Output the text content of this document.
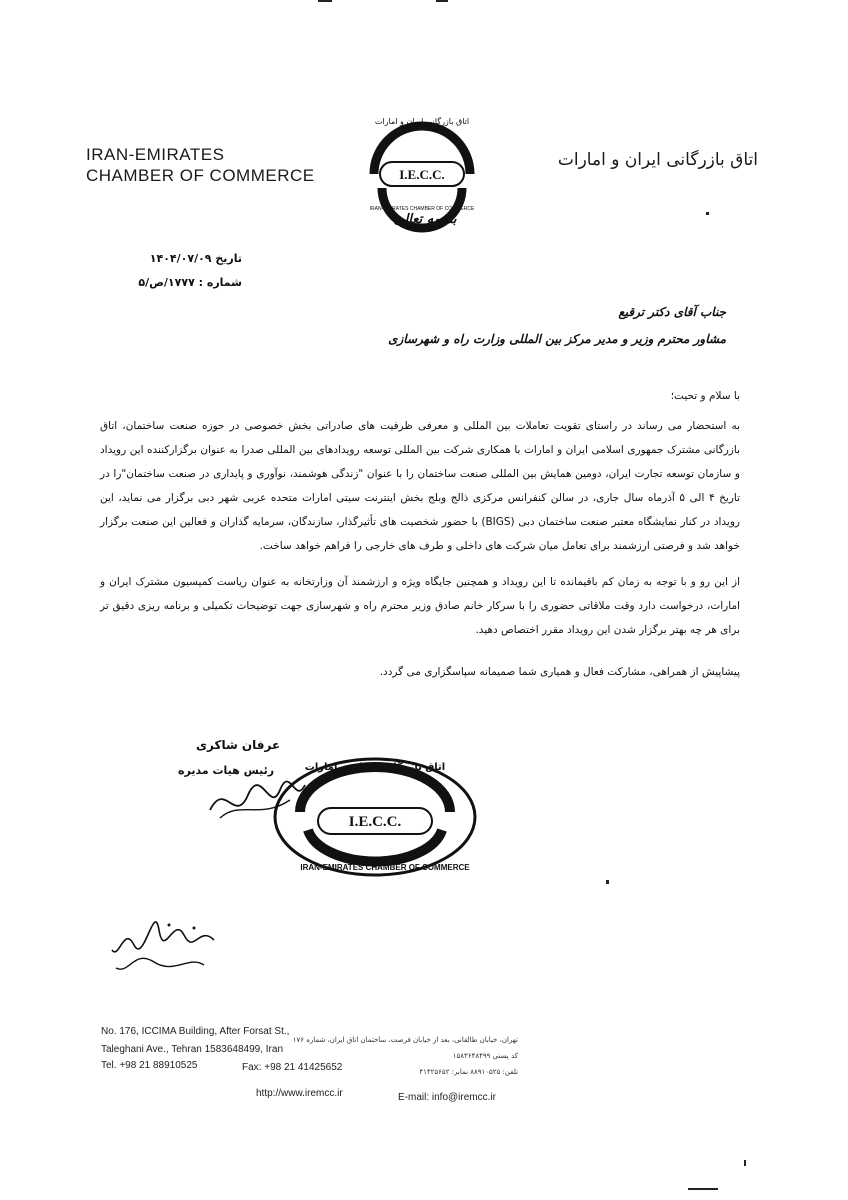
IRAN-EMIRATES
CHAMBER OF COMMERCE
اتاق بازرگانی ایران و امارات
I.E.C.C.
اتاق بازرگانی ایران و امارات
IRAN-EMIRATES CHAMBER OF COMMERCE
بسمه تعالی
تاریخ ۱۴۰۴/۰۷/۰۹
شماره : ۱۷۷۷/ص/۵
جناب آقای دکتر ترقیع
مشاور محترم وزیر و مدیر مرکز بین المللی وزارت راه و شهرسازی

با سلام و تحیت؛

به استحضار می رساند در راستای تقویت تعاملات بین المللی و معرفی ظرفیت های صادراتی بخش خصوصی در حوزه صنعت ساختمان، اتاق بازرگانی مشترک جمهوری اسلامی ایران و امارات با همکاری شرکت بین المللی توسعه رویدادهای بین المللی صدرا به عنوان برگزارکننده این رویداد و سازمان توسعه تجارت ایران، دومین همایش بین المللی صنعت ساختمان را با عنوان "زندگی هوشمند، نوآوری و پایداری در صنعت ساختمان"را در تاریخ ۴ الی ۵ آذرماه سال جاری، در سالن کنفرانس مرکزی ذالج وبلج بخش اینترنت سیتی امارات متحده عربی شهر دبی برگزار می نماید، این رویداد در کنار نمایشگاه معتبر صنعت ساختمان دبی (BIGS) با حضور شخصیت های تأثیرگذار، سازندگان، سرمایه گذاران و فعالین این صنعت برگزار خواهد شد و فرصتی ارزشمند برای تعامل میان شرکت های داخلی و طرف های خارجی را فراهم خواهد ساخت.

از این رو و با توجه به زمان کم باقیمانده تا این رویداد و همچنین جایگاه ویژه و ارزشمند آن وزارتخانه به عنوان ریاست کمیسیون مشترک ایران و امارات، درخواست دارد وقت ملاقاتی حضوری را با سرکار خانم صادق وزیر محترم راه و شهرسازی جهت توضیحات تکمیلی و برنامه ریزی دقیق تر برای هر چه بهتر برگزار شدن این رویداد مقرر اختصاص دهید.

پیشاپیش از همراهی، مشارکت فعال و همیاری شما صمیمانه سپاسگزاری می گردد.
عرفان شاکری
رئیس هیات مدیره
I.E.C.C.
اتاق بازرگانی ایران و امارات
IRAN-EMIRATES CHAMBER OF COMMERCE
No. 176, ICCIMA Building, After Forsat St.,
Taleghani Ave., Tehran 1583648499, Iran
Tel. +98 21 88910525	Fax: +98 21 41425652
http://www.iremcc.ir	E-mail: info@iremcc.ir
تهران، خیابان طالقانی، بعد از خیابان فرصت، ساختمان اتاق ایران، شماره ۱۷۶
کد پستی ۱۵۸۳۶۴۸۴۹۹
تلفن: ۸۸۹۱۰۵۲۵ نمابر: ۴۱۴۲۵۶۵۲
